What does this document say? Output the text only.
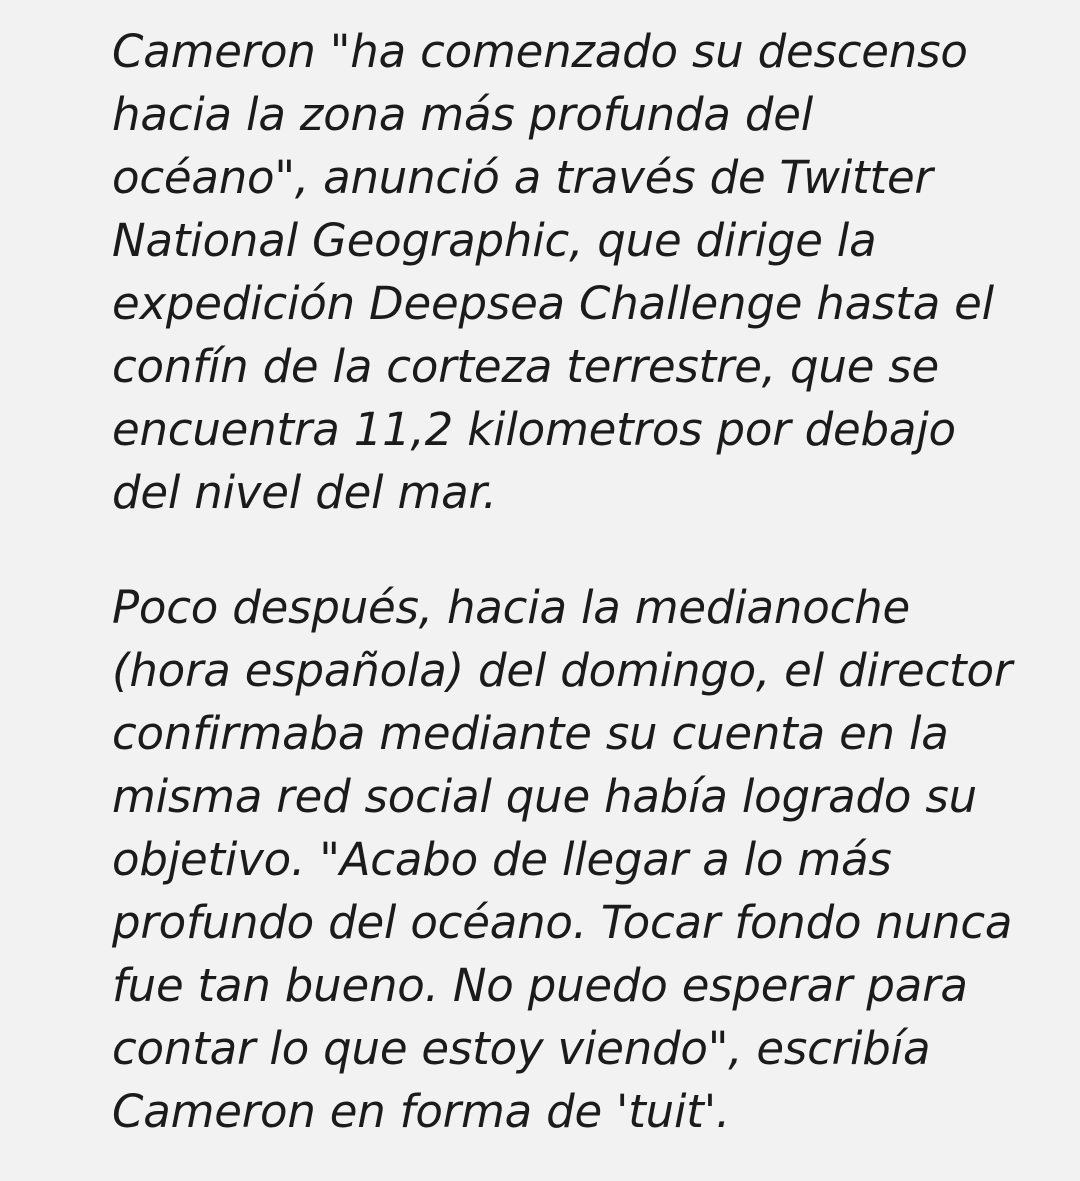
Cameron "ha comenzado su descenso hacia la zona más profunda del océano", anunció a través de Twitter National Geographic, que dirige la expedición Deepsea Challenge hasta el confín de la corteza terrestre, que se encuentra 11,2 kilometros por debajo del nivel del mar.

Poco después, hacia la medianoche (hora española) del domingo, el director confirmaba mediante su cuenta en la misma red social que había logrado su objetivo. "Acabo de llegar a lo más profundo del océano. Tocar fondo nunca fue tan bueno. No puedo esperar para contar lo que estoy viendo", escribía Cameron en forma de 'tuit'.
